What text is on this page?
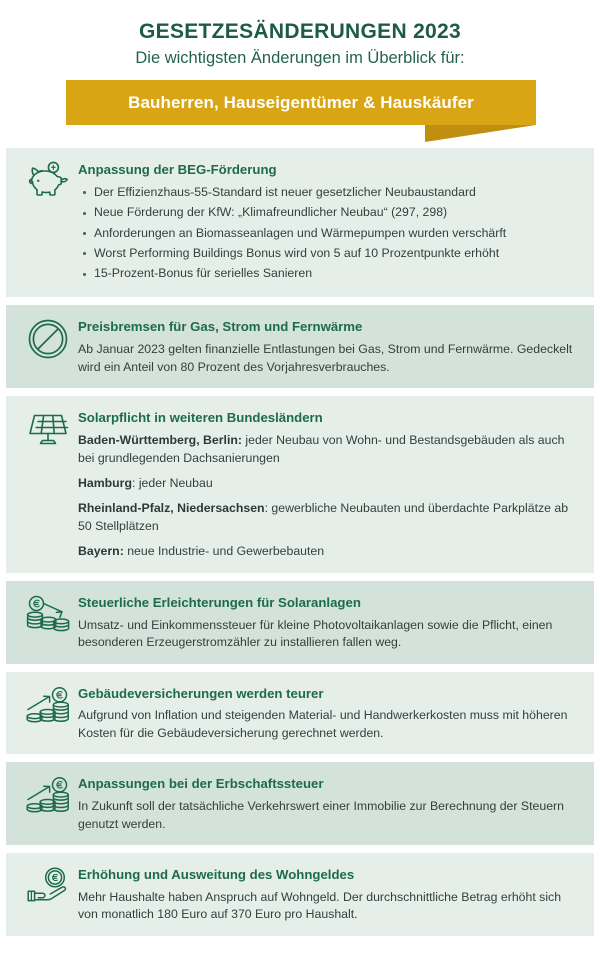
GESETZESÄNDERUNGEN 2023
Die wichtigsten Änderungen im Überblick für:
Bauherren, Hauseigentümer & Hauskäufer
Anpassung der BEG-Förderung
Der Effizienzhaus-55-Standard ist neuer gesetzlicher Neubaustandard
Neue Förderung der KfW: „Klimafreundlicher Neubau“ (297, 298)
Anforderungen an Biomasseanlagen und Wärmepumpen wurden verschärft
Worst Performing Buildings Bonus wird von 5 auf 10 Prozentpunkte erhöht
15-Prozent-Bonus für serielles Sanieren
Preisbremsen für Gas, Strom und Fernwärme

Ab Januar 2023 gelten finanzielle Entlastungen bei Gas, Strom und Fernwärme. Gedeckelt wird ein Anteil von 80 Prozent des Vorjahresverbrauches.

Solarpflicht in weiteren Bundesländern

Baden-Württemberg, Berlin: jeder Neubau von Wohn- und Bestandsgebäuden als auch bei grundlegenden Dachsanierungen

Hamburg: jeder Neubau

Rheinland-Pfalz, Niedersachsen: gewerbliche Neubauten und überdachte Parkplätze ab 50 Stellplätzen

Bayern: neue Industrie- und Gewerbebauten

Steuerliche Erleichterungen für Solaranlagen

Umsatz- und Einkommenssteuer für kleine Photovoltaikanlagen sowie die Pflicht, einen besonderen Erzeugerstromzähler zu installieren fallen weg.

Gebäudeversicherungen werden teurer

Aufgrund von Inflation und steigenden Material- und Handwerkerkosten muss mit höheren Kosten für die Gebäudeversicherung gerechnet werden.

Anpassungen bei der Erbschaftssteuer

In Zukunft soll der tatsächliche Verkehrswert einer Immobilie zur Berechnung der Steuern genutzt werden.

Erhöhung und Ausweitung des Wohngeldes

Mehr Haushalte haben Anspruch auf Wohngeld. Der durchschnittliche Betrag erhöht sich von monatlich 180 Euro auf 370 Euro pro Haushalt.
